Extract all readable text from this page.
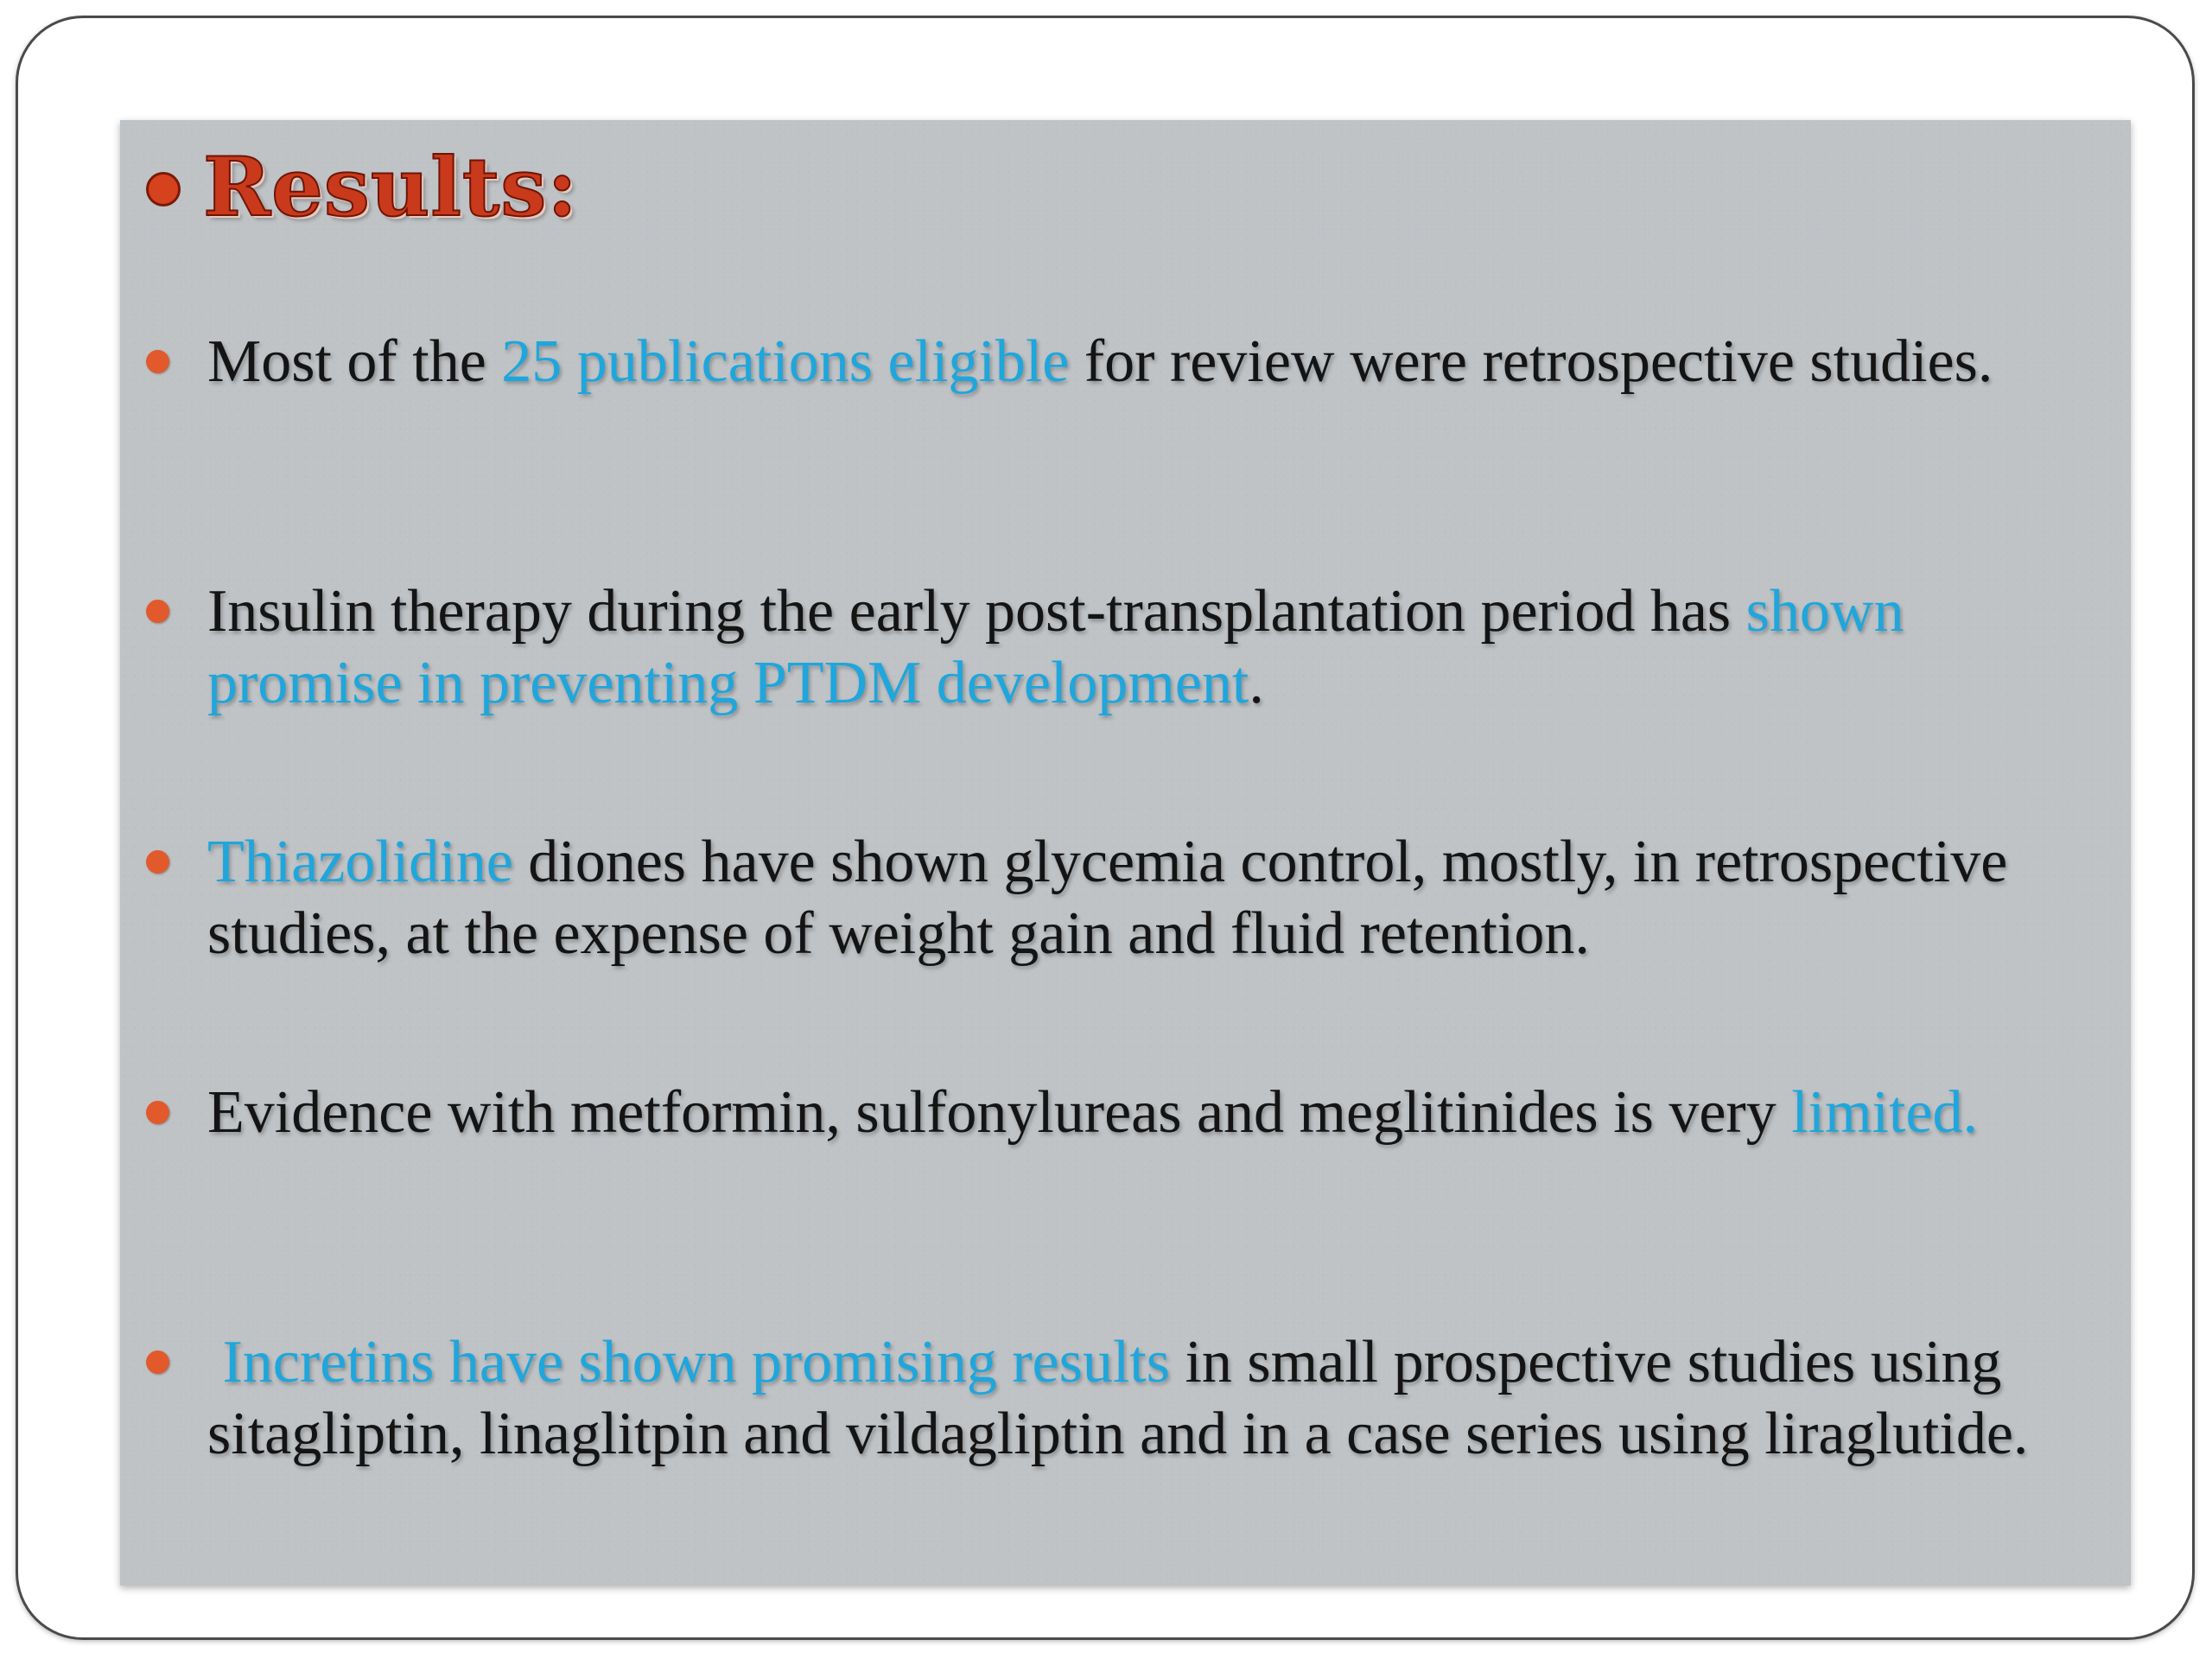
Results:
Most of the 25 publications eligible for review were retrospective studies.
Insulin therapy during the early post-transplantation period has shown promise in preventing PTDM development.
Thiazolidine diones have shown glycemia control, mostly, in retrospective studies, at the expense of weight gain and fluid retention.
Evidence with metformin, sulfonylureas and meglitinides is very limited.
Incretins have shown promising results in small prospective studies using sitagliptin, linaglitpin and vildagliptin and in a case series using liraglutide.
